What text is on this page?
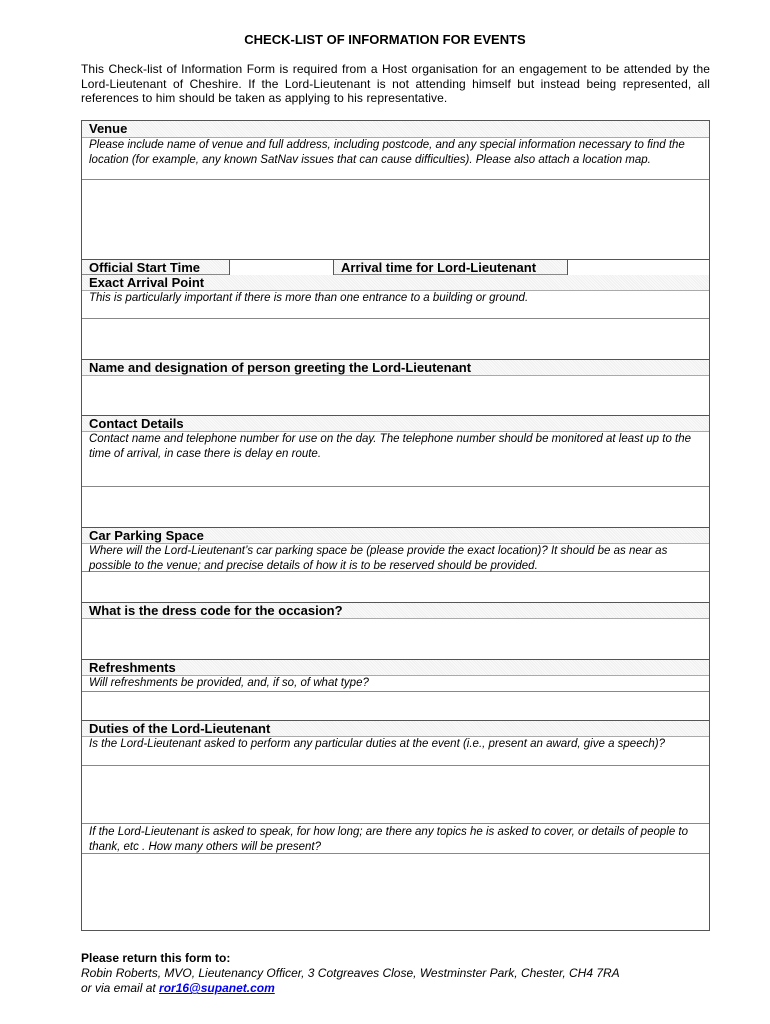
CHECK-LIST OF INFORMATION FOR EVENTS
This Check-list of Information Form is required from a Host organisation for an engagement to be attended by the Lord-Lieutenant of Cheshire. If the Lord-Lieutenant is not attending himself but instead being represented, all references to him should be taken as applying to his representative.
Venue
Please include name of venue and full address, including postcode, and any special information necessary to find the location (for example, any known SatNav issues that can cause difficulties). Please also attach a location map.
Official Start Time	Arrival time for Lord-Lieutenant
Exact Arrival Point
This is particularly important if there is more than one entrance to a building or ground.
Name and designation of person greeting the Lord-Lieutenant
Contact Details
Contact name and telephone number for use on the day. The telephone number should be monitored at least up to the time of arrival, in case there is delay en route.
Car Parking Space
Where will the Lord-Lieutenant’s car parking space be (please provide the exact location)? It should be as near as possible to the venue; and precise details of how it is to be reserved should be provided.
What is the dress code for the occasion?
Refreshments
Will refreshments be provided, and, if so, of what type?
Duties of the Lord-Lieutenant
Is the Lord-Lieutenant asked to perform any particular duties at the event (i.e., present an award, give a speech)?
If the Lord-Lieutenant is asked to speak, for how long; are there any topics he is asked to cover, or details of people to thank, etc . How many others will be present?
Please return this form to:
Robin Roberts, MVO, Lieutenancy Officer, 3 Cotgreaves Close, Westminster Park, Chester, CH4 7RA
or via email at ror16@supanet.com
